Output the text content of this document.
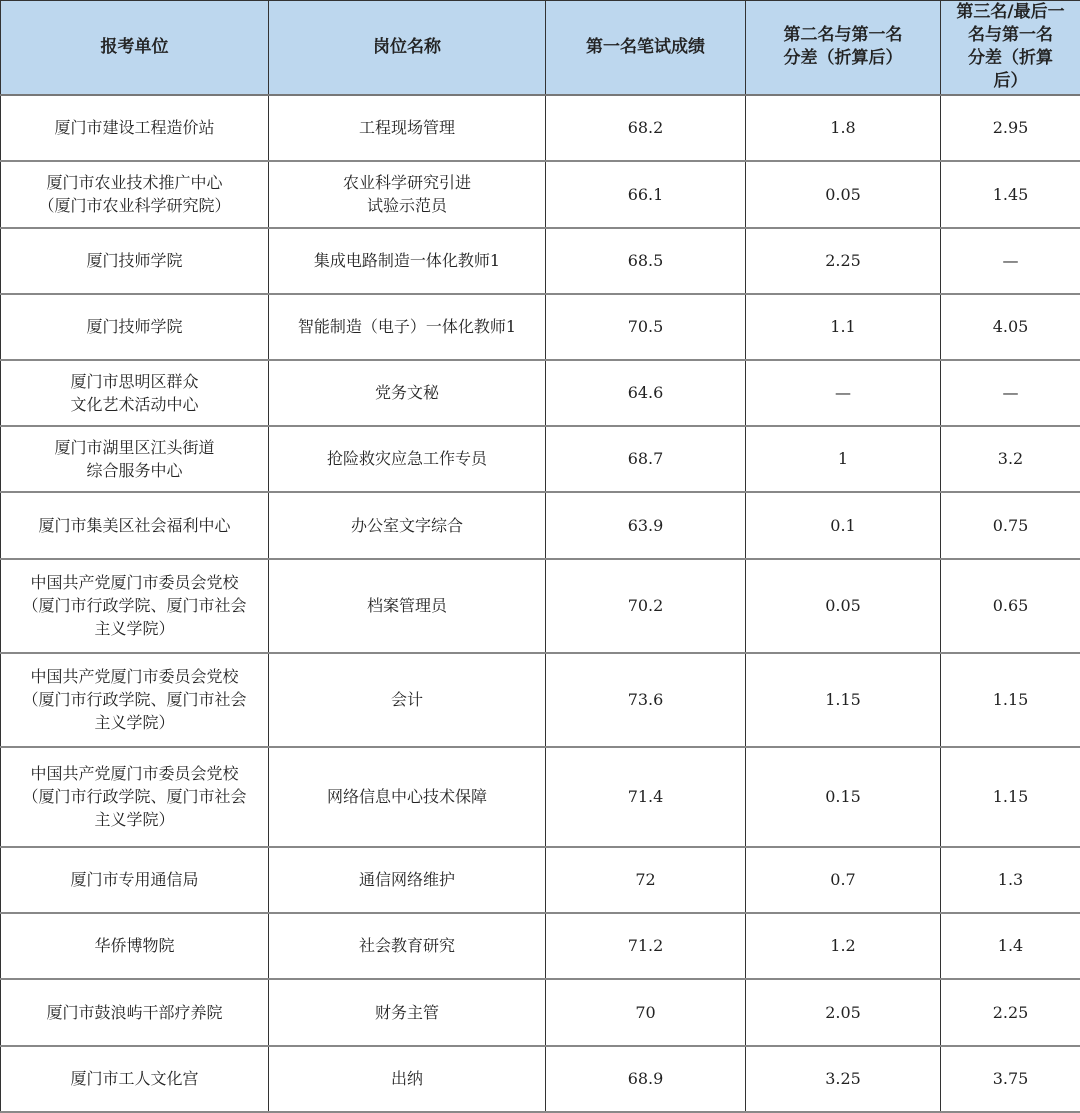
报考单位	岗位名称	第一名笔试成绩	第二名与第一名
分差（折算后）	第三名/最后一
名与第一名
分差（折算
后）
厦门市建设工程造价站	工程现场管理	68.2	1.8	2.95
厦门市农业技术推广中心
（厦门市农业科学研究院）	农业科学研究引进
试验示范员	66.1	0.05	1.45
厦门技师学院	集成电路制造一体化教师1	68.5	2.25	—
厦门技师学院	智能制造（电子）一体化教师1	70.5	1.1	4.05
厦门市思明区群众
文化艺术活动中心	党务文秘	64.6	—	—
厦门市湖里区江头街道
综合服务中心	抢险救灾应急工作专员	68.7	1	3.2
厦门市集美区社会福利中心	办公室文字综合	63.9	0.1	0.75
中国共产党厦门市委员会党校
（厦门市行政学院、厦门市社会
主义学院）	档案管理员	70.2	0.05	0.65
中国共产党厦门市委员会党校
（厦门市行政学院、厦门市社会
主义学院）	会计	73.6	1.15	1.15
中国共产党厦门市委员会党校
（厦门市行政学院、厦门市社会
主义学院）	网络信息中心技术保障	71.4	0.15	1.15
厦门市专用通信局	通信网络维护	72	0.7	1.3
华侨博物院	社会教育研究	71.2	1.2	1.4
厦门市鼓浪屿干部疗养院	财务主管	70	2.05	2.25
厦门市工人文化宫	出纳	68.9	3.25	3.75
